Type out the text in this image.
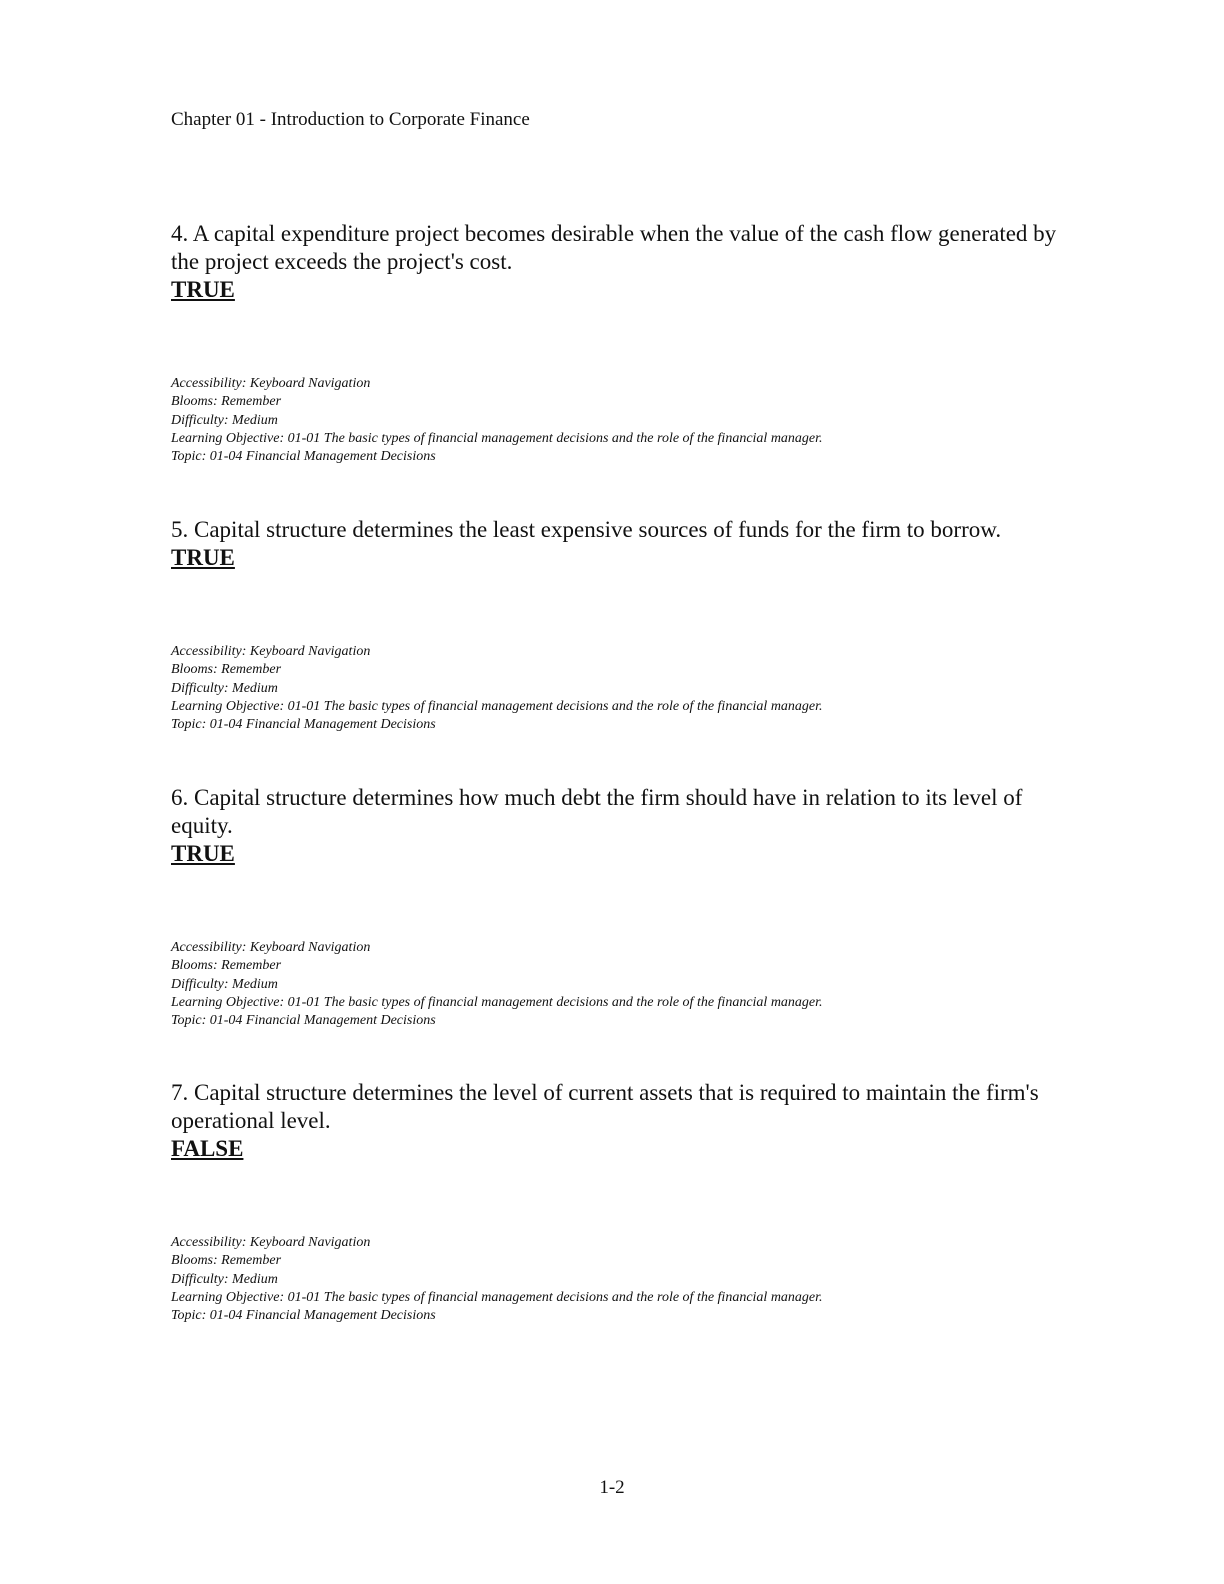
Chapter 01 - Introduction to Corporate Finance

4. A capital expenditure project becomes desirable when the value of the cash flow generated by the project exceeds the project's cost.

TRUE

Accessibility: Keyboard Navigation
Blooms: Remember
Difficulty: Medium
Learning Objective: 01-01 The basic types of financial management decisions and the role of the financial manager.
Topic: 01-04 Financial Management Decisions

5. Capital structure determines the least expensive sources of funds for the firm to borrow.

TRUE

Accessibility: Keyboard Navigation
Blooms: Remember
Difficulty: Medium
Learning Objective: 01-01 The basic types of financial management decisions and the role of the financial manager.
Topic: 01-04 Financial Management Decisions

6. Capital structure determines how much debt the firm should have in relation to its level of equity.

TRUE

Accessibility: Keyboard Navigation
Blooms: Remember
Difficulty: Medium
Learning Objective: 01-01 The basic types of financial management decisions and the role of the financial manager.
Topic: 01-04 Financial Management Decisions

7. Capital structure determines the level of current assets that is required to maintain the firm's operational level.

FALSE

Accessibility: Keyboard Navigation
Blooms: Remember
Difficulty: Medium
Learning Objective: 01-01 The basic types of financial management decisions and the role of the financial manager.
Topic: 01-04 Financial Management Decisions
1-2
